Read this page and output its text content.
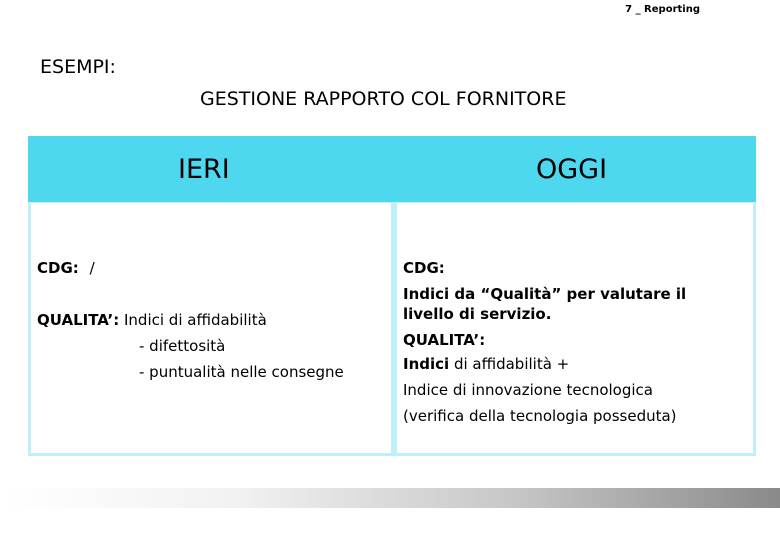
7 _ Reporting
ESEMPI:
GESTIONE RAPPORTO COL FORNITORE
IERI	OGGI
CDG: /
QUALITA’: Indici di affidabilità
- difettosità
- puntualità nelle consegne
CDG:
Indici da “Qualità” per valutare il
livello di servizio.
QUALITA’:
Indici di affidabilità +
Indice di innovazione tecnologica
(verifica della tecnologia posseduta)
